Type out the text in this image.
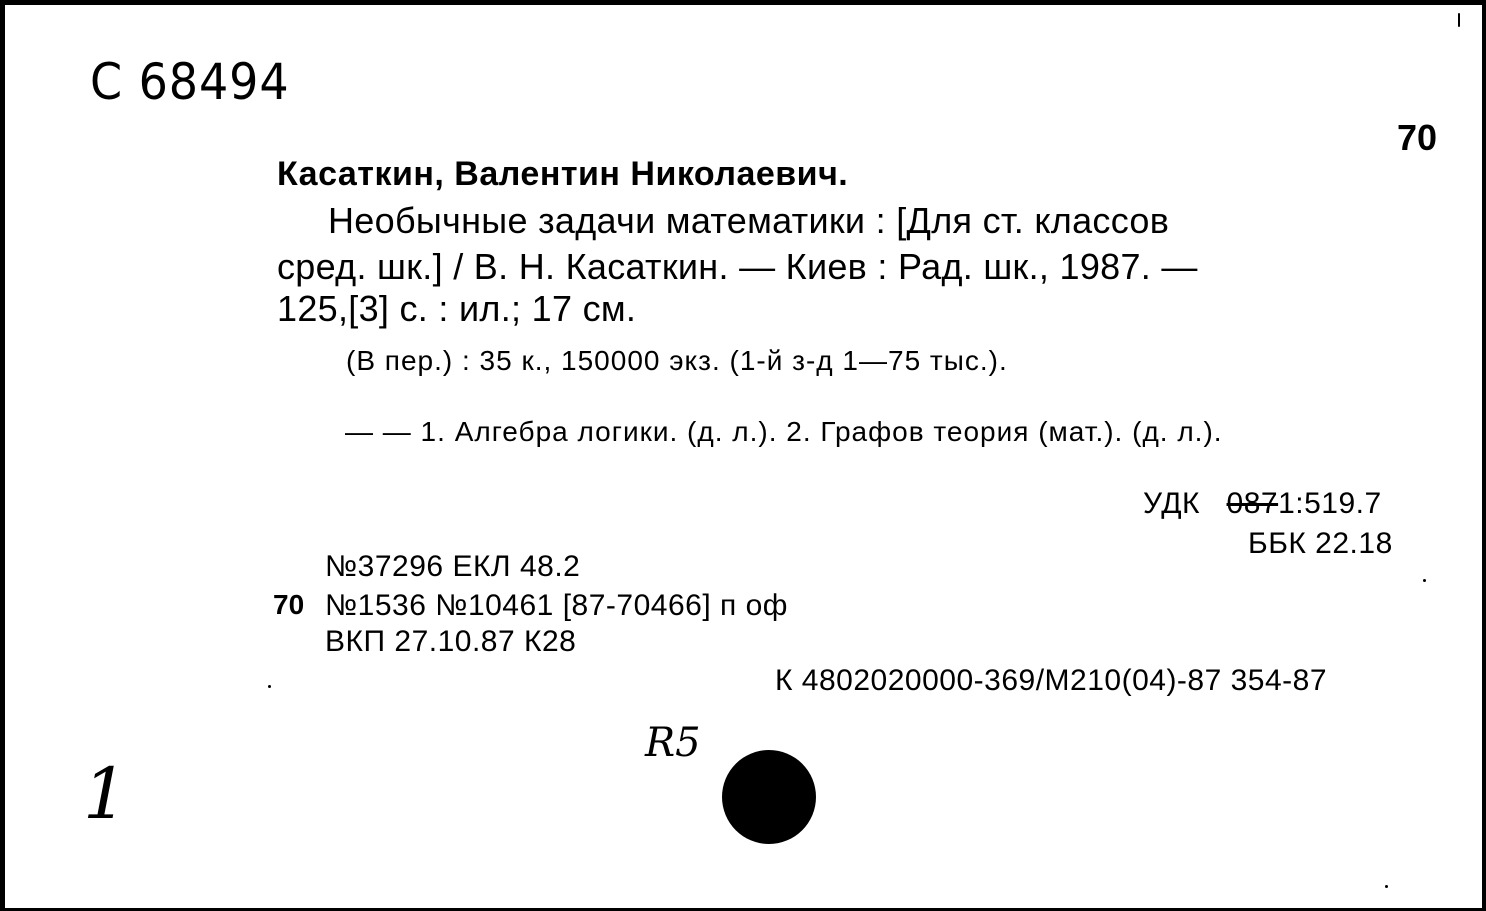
С 68494
70
Касаткин, Валентин Николаевич.
Необычные задачи математики : [Для ст. классов
сред. шк.] / В. Н. Касаткин. — Киев : Рад. шк., 1987. —
125,[3] с. : ил.; 17 см.
(В пер.) : 35 к., 150000 экз. (1-й з-д 1—75 тыс.).
— — 1. Алгебра логики. (д. л.). 2. Графов теория (мат.). (д. л.).
УДК 0871:519.7
ББК 22.18
№37296 ЕКЛ 48.2
70 №1536 №10461 [87-70466] п оф
ВКП 27.10.87 К28
К 4802020000-369/М210(04)-87 354-87
R5
1
